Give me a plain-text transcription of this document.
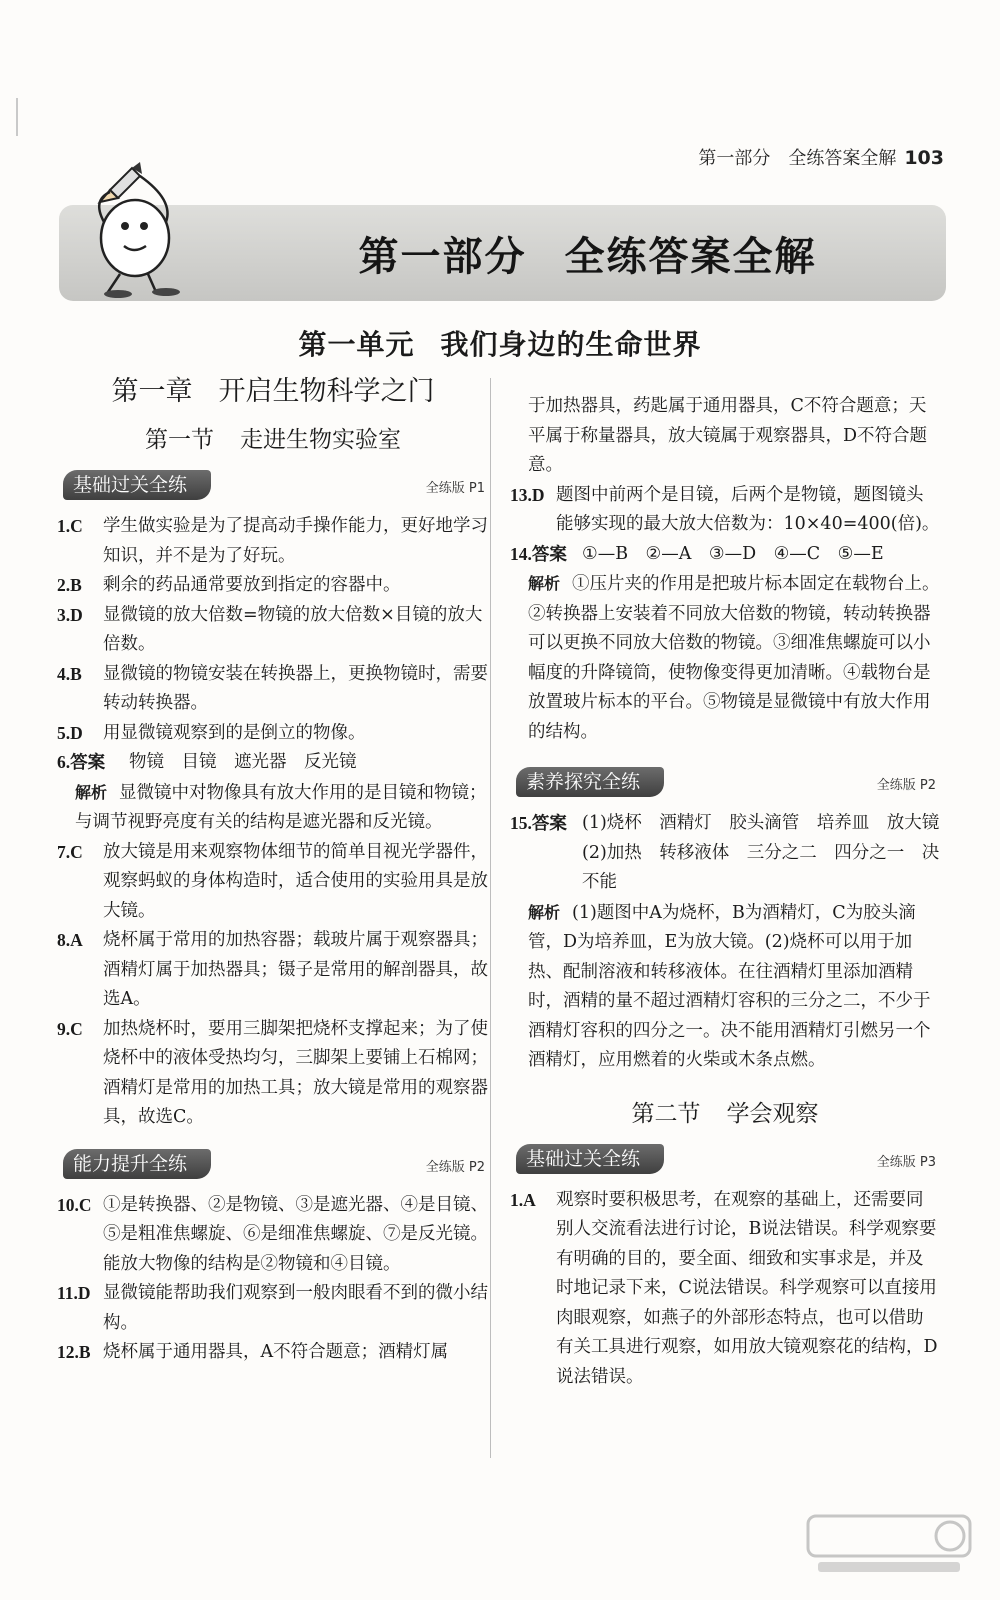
第一部分 全练答案全解 103
第一部分 全练答案全解
第一单元 我们身边的生命世界
第一章 开启生物科学之门
第一节 走进生物实验室
基础过关全练	全练版 P1
1.C 学生做实验是为了提高动手操作能力，更好地学习知识，并不是为了好玩。
2.B 剩余的药品通常要放到指定的容器中。
3.D 显微镜的放大倍数=物镜的放大倍数×目镜的放大倍数。
4.B 显微镜的物镜安装在转换器上，更换物镜时，需要转动转换器。
5.D 用显微镜观察到的是倒立的物像。
6.答案 物镜　目镜　遮光器　反光镜
解析 显微镜中对物像具有放大作用的是目镜和物镜；与调节视野亮度有关的结构是遮光器和反光镜。
7.C 放大镜是用来观察物体细节的简单目视光学器件，观察蚂蚁的身体构造时，适合使用的实验用具是放大镜。
8.A 烧杯属于常用的加热容器；载玻片属于观察器具；酒精灯属于加热器具；镊子是常用的解剖器具，故选A。
9.C 加热烧杯时，要用三脚架把烧杯支撑起来；为了使烧杯中的液体受热均匀，三脚架上要铺上石棉网；酒精灯是常用的加热工具；放大镜是常用的观察器具，故选C。
能力提升全练	全练版 P2
10.C ①是转换器、②是物镜、③是遮光器、④是目镜、⑤是粗准焦螺旋、⑥是细准焦螺旋、⑦是反光镜。能放大物像的结构是②物镜和④目镜。
11.D 显微镜能帮助我们观察到一般肉眼看不到的微小结构。
12.B 烧杯属于通用器具，A不符合题意；酒精灯属
于加热器具，药匙属于通用器具，C不符合题意；天平属于称量器具，放大镜属于观察器具，D不符合题意。
13.D 题图中前两个是目镜，后两个是物镜，题图镜头能够实现的最大放大倍数为：10×40=400(倍)。
14.答案 ①—B　②—A　③—D　④—C　⑤—E
解析 ①压片夹的作用是把玻片标本固定在载物台上。②转换器上安装着不同放大倍数的物镜，转动转换器可以更换不同放大倍数的物镜。③细准焦螺旋可以小幅度的升降镜筒，使物像变得更加清晰。④载物台是放置玻片标本的平台。⑤物镜是显微镜中有放大作用的结构。
素养探究全练	全练版 P2
15.答案 (1)烧杯　酒精灯　胶头滴管　培养皿　放大镜　(2)加热　转移液体　三分之二　四分之一　决不能
解析 (1)题图中A为烧杯，B为酒精灯，C为胶头滴管，D为培养皿，E为放大镜。(2)烧杯可以用于加热、配制溶液和转移液体。在往酒精灯里添加酒精时，酒精的量不超过酒精灯容积的三分之二，不少于酒精灯容积的四分之一。决不能用酒精灯引燃另一个酒精灯，应用燃着的火柴或木条点燃。
第二节 学会观察
基础过关全练	全练版 P3
1.A 观察时要积极思考，在观察的基础上，还需要同别人交流看法进行讨论，B说法错误。科学观察要有明确的目的，要全面、细致和实事求是，并及时地记录下来，C说法错误。科学观察可以直接用肉眼观察，如燕子的外部形态特点，也可以借助有关工具进行观察，如用放大镜观察花的结构，D说法错误。
